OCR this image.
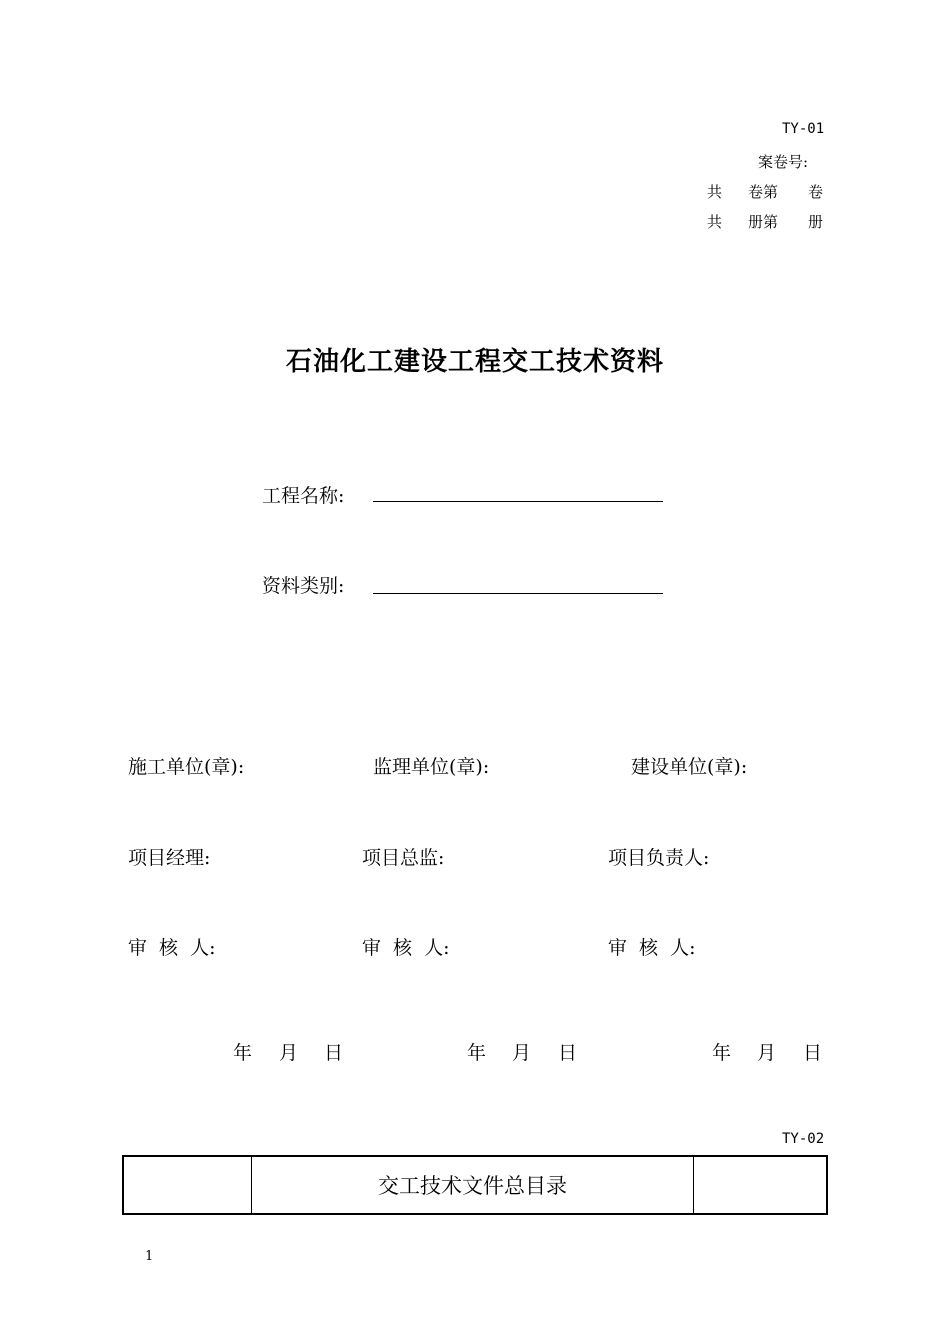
TY-01
案卷号:
共 卷第 卷
共 册第 册
石油化工建设工程交工技术资料
工程名称:
资料类别:
施工单位(章):	监理单位(章):	建设单位(章):
项目经理:	项目总监:	项目负责人:
审 核 人:	审 核 人:	审 核 人:
年 月 日	年 月 日	年 月 日
TY-02
	交工技术文件总目录	
1
